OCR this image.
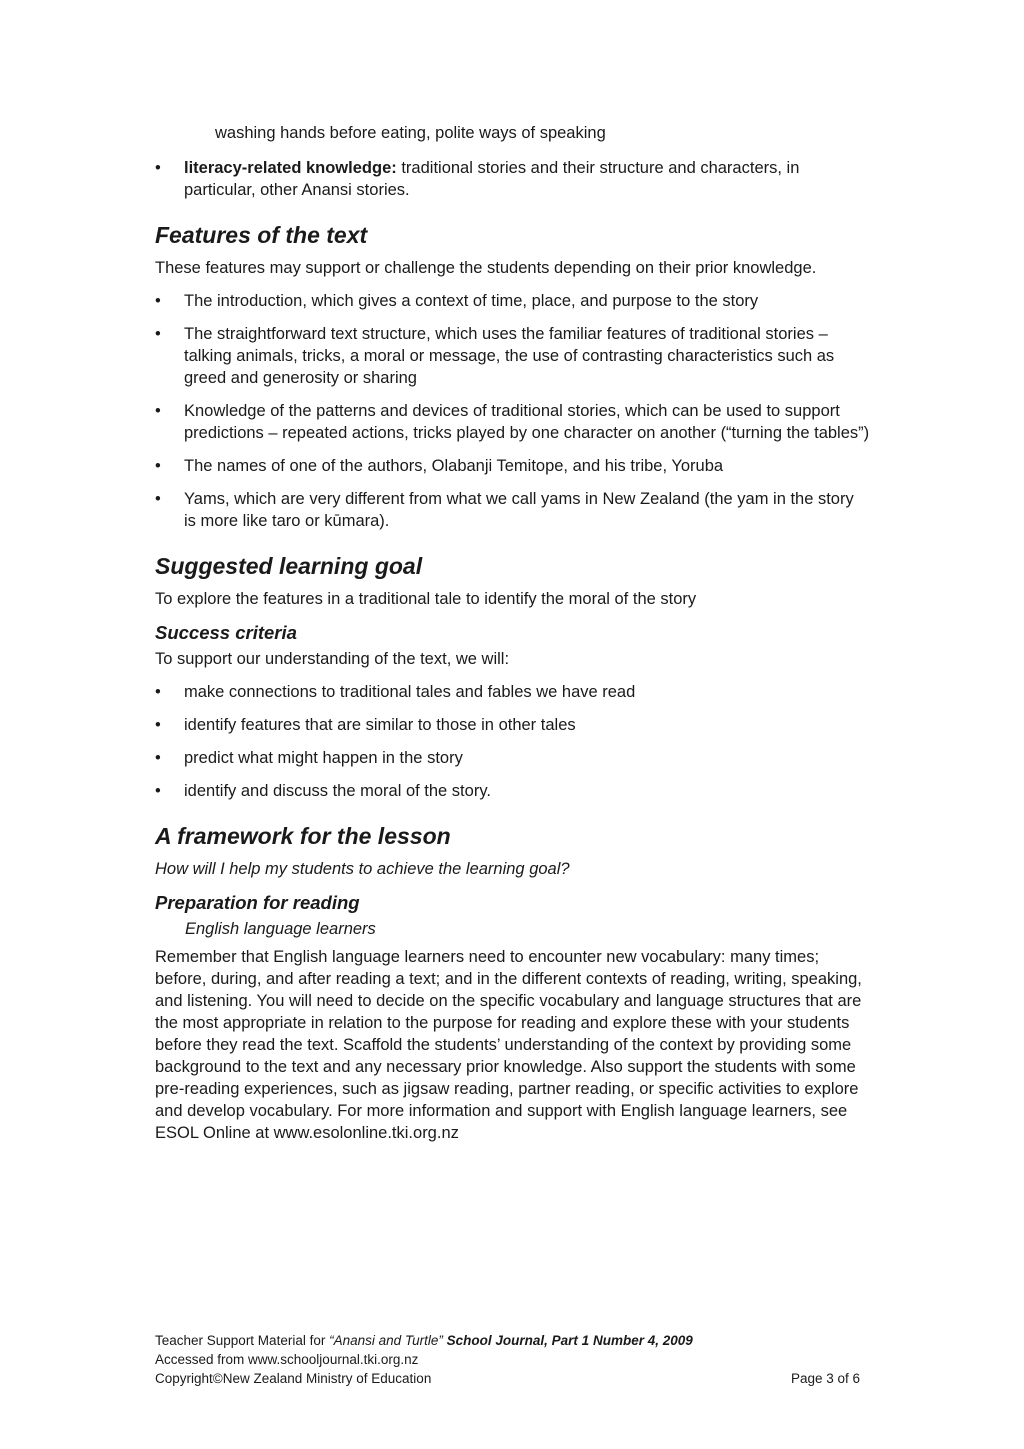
washing hands before eating, polite ways of speaking

• literacy-related knowledge: traditional stories and their structure and characters, in particular, other Anansi stories.
Features of the text

These features may support or challenge the students depending on their prior knowledge.

• The introduction, which gives a context of time, place, and purpose to the story
• The straightforward text structure, which uses the familiar features of traditional stories – talking animals, tricks, a moral or message, the use of contrasting characteristics such as greed and generosity or sharing
• Knowledge of the patterns and devices of traditional stories, which can be used to support predictions – repeated actions, tricks played by one character on another (“turning the tables”)
• The names of one of the authors, Olabanji Temitope, and his tribe, Yoruba
• Yams, which are very different from what we call yams in New Zealand (the yam in the story is more like taro or kūmara).
Suggested learning goal

To explore the features in a traditional tale to identify the moral of the story

Success criteria

To support our understanding of the text, we will:

• make connections to traditional tales and fables we have read
• identify features that are similar to those in other tales
• predict what might happen in the story
• identify and discuss the moral of the story.
A framework for the lesson

How will I help my students to achieve the learning goal?

Preparation for reading

English language learners

Remember that English language learners need to encounter new vocabulary: many times; before, during, and after reading a text; and in the different contexts of reading, writing, speaking, and listening. You will need to decide on the specific vocabulary and language structures that are the most appropriate in relation to the purpose for reading and explore these with your students before they read the text. Scaffold the students’ understanding of the context by providing some background to the text and any necessary prior knowledge. Also support the students with some pre-reading experiences, such as jigsaw reading, partner reading, or specific activities to explore and develop vocabulary. For more information and support with English language learners, see ESOL Online at www.esolonline.tki.org.nz

Teacher Support Material for “Anansi and Turtle” School Journal, Part 1 Number 4, 2009
Accessed from www.schooljournal.tki.org.nz
Copyright©New Zealand Ministry of Education	Page 3 of 6
